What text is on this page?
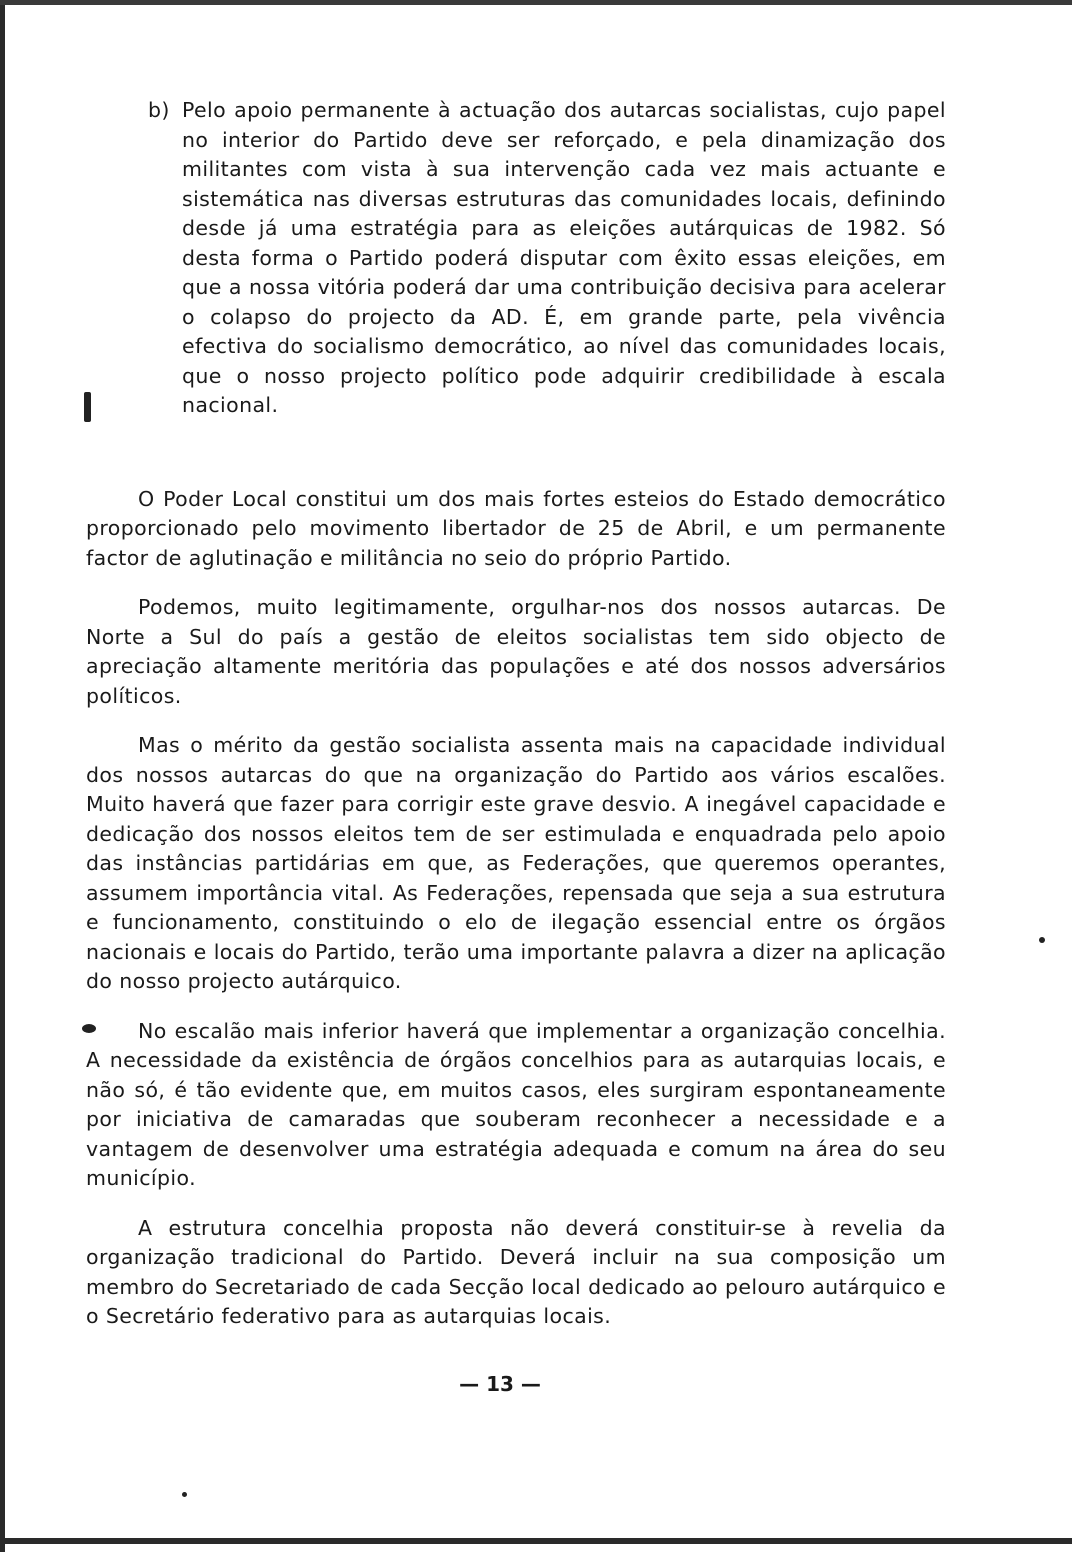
b) Pelo apoio permanente à actuação dos autarcas socialistas, cujo papel no interior do Partido deve ser reforçado, e pela dinamização dos militantes com vista à sua intervenção cada vez mais actuante e sistemática nas diversas estruturas das comunidades locais, definindo desde já uma estratégia para as eleições autárquicas de 1982. Só desta forma o Partido poderá disputar com êxito essas eleições, em que a nossa vitória poderá dar uma contribuição decisiva para acelerar o colapso do projecto da AD. É, em grande parte, pela vivência efectiva do socialismo democrático, ao nível das comunidades locais, que o nosso projecto político pode adquirir credibilidade à escala nacional.

O Poder Local constitui um dos mais fortes esteios do Estado democrático proporcionado pelo movimento libertador de 25 de Abril, e um permanente factor de aglutinação e militância no seio do próprio Partido.

Podemos, muito legitimamente, orgulhar-nos dos nossos autarcas. De Norte a Sul do país a gestão de eleitos socialistas tem sido objecto de apreciação altamente meritória das populações e até dos nossos adversários políticos.

Mas o mérito da gestão socialista assenta mais na capacidade individual dos nossos autarcas do que na organização do Partido aos vários escalões. Muito haverá que fazer para corrigir este grave desvio. A inegável capacidade e dedicação dos nossos eleitos tem de ser estimulada e enquadrada pelo apoio das instâncias partidárias em que, as Federações, que queremos operantes, assumem importância vital. As Federações, repensada que seja a sua estrutura e funcionamento, constituindo o elo de ilegação essencial entre os órgãos nacionais e locais do Partido, terão uma importante palavra a dizer na aplicação do nosso projecto autárquico.

No escalão mais inferior haverá que implementar a organização concelhia. A necessidade da existência de órgãos concelhios para as autarquias locais, e não só, é tão evidente que, em muitos casos, eles surgiram espontaneamente por iniciativa de camaradas que souberam reconhecer a necessidade e a vantagem de desenvolver uma estratégia adequada e comum na área do seu município.

A estrutura concelhia proposta não deverá constituir-se à revelia da organização tradicional do Partido. Deverá incluir na sua composição um membro do Secretariado de cada Secção local dedicado ao pelouro autárquico e o Secretário federativo para as autarquias locais.

— 13 —
